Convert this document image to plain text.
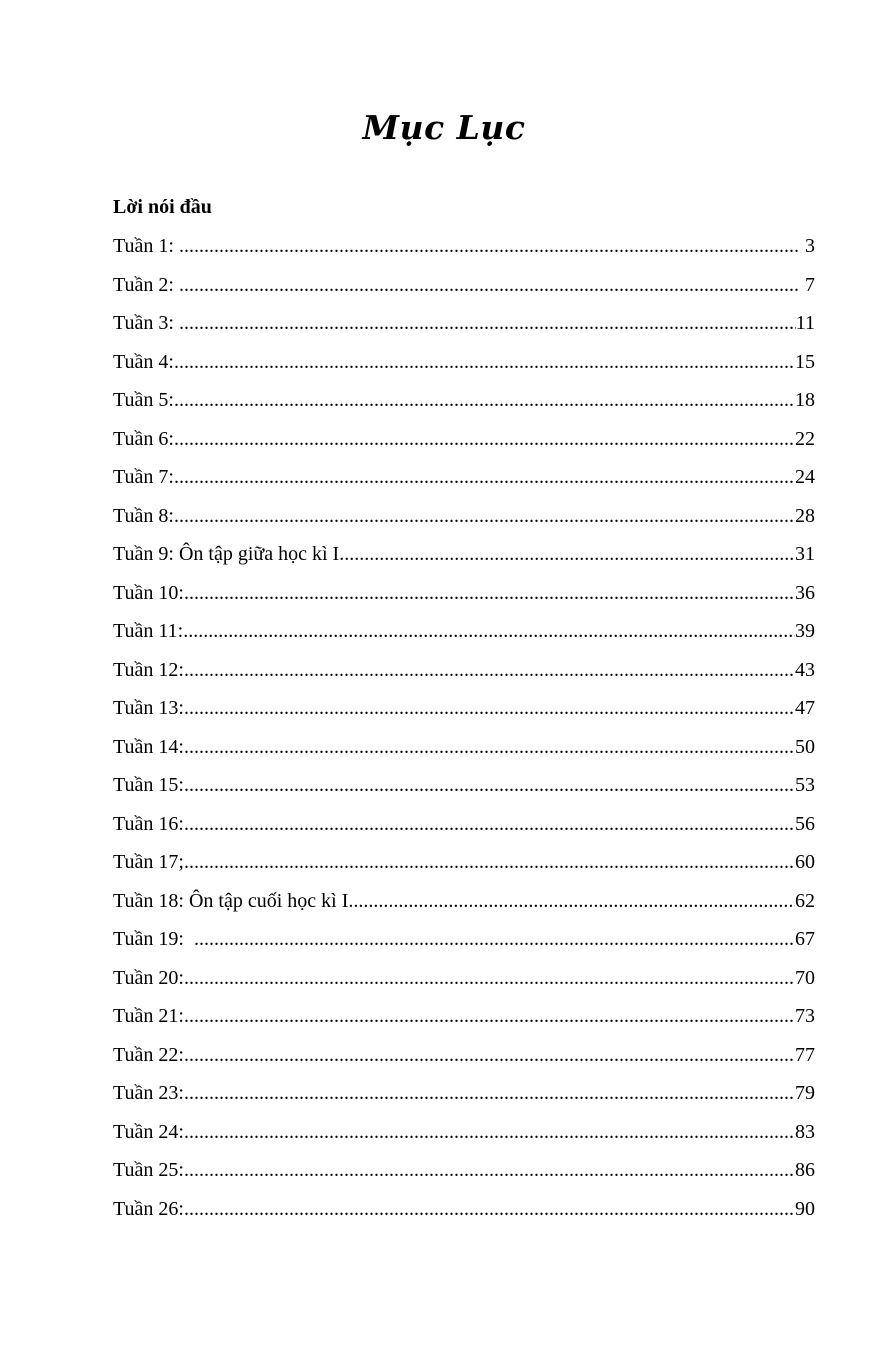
Mục Lục
Lời nói đầu
Tuần 1: .....	3
Tuần 2: .....	7
Tuần 3: .....	11
Tuần 4: .....	15
Tuần 5: .....	18
Tuần 6: .....	22
Tuần 7: .....	24
Tuần 8: .....	28
Tuần 9: Ôn tập giữa học kì I .....	31
Tuần 10: .....	36
Tuần 11: .....	39
Tuần 12: .....	43
Tuần 13: .....	47
Tuần 14: .....	50
Tuần 15: .....	53
Tuần 16: .....	56
Tuần 17; .....	60
Tuần 18: Ôn tập cuối học kì I .....	62
Tuần 19: .....	67
Tuần 20: .....	70
Tuần 21: .....	73
Tuần 22: .....	77
Tuần 23: .....	79
Tuần 24: .....	83
Tuần 25: .....	86
Tuần 26: .....	90
